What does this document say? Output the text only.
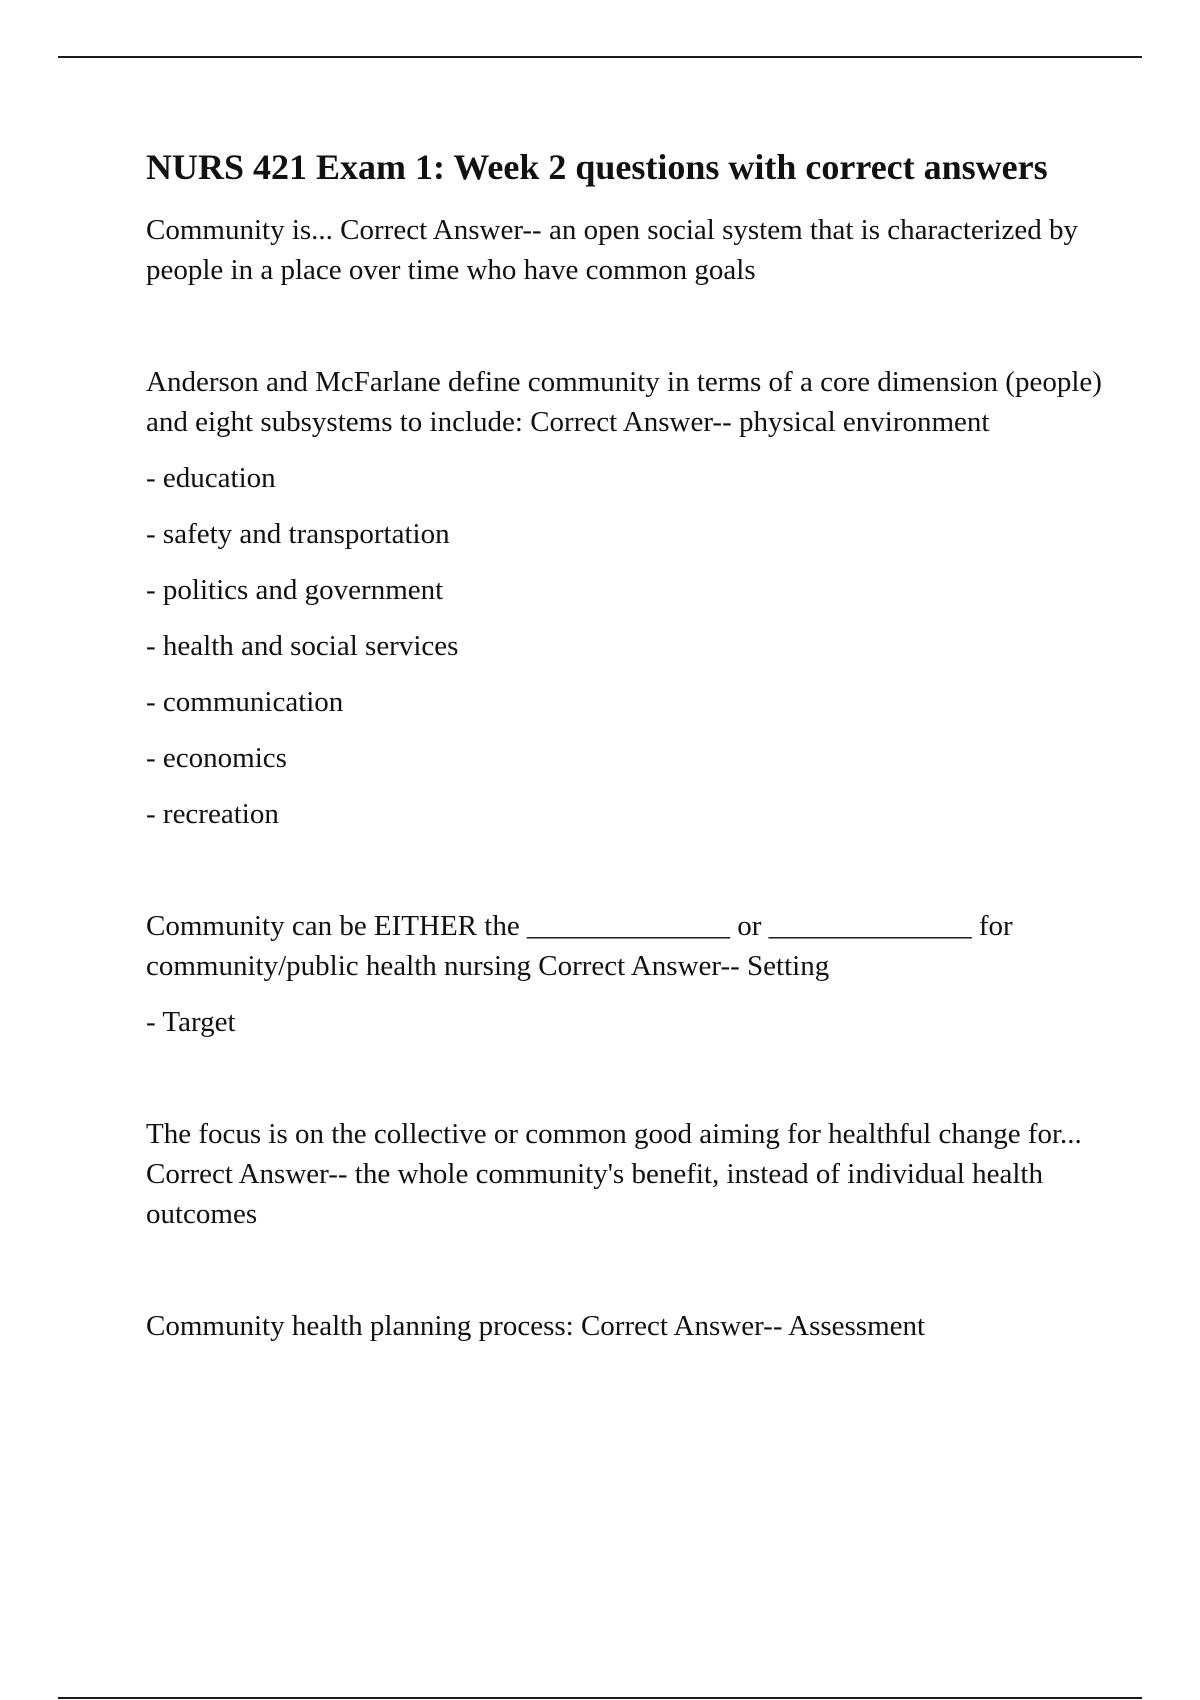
NURS 421 Exam 1: Week 2 questions with correct answers

Community is... Correct Answer-- an open social system that is characterized by people in a place over time who have common goals

Anderson and McFarlane define community in terms of a core dimension (people) and eight subsystems to include: Correct Answer-- physical environment

- education

- safety and transportation

- politics and government

- health and social services

- communication

- economics

- recreation

Community can be EITHER the ______________ or ______________ for community/public health nursing Correct Answer-- Setting

- Target

The focus is on the collective or common good aiming for healthful change for... Correct Answer-- the whole community's benefit, instead of individual health outcomes

Community health planning process: Correct Answer-- Assessment
